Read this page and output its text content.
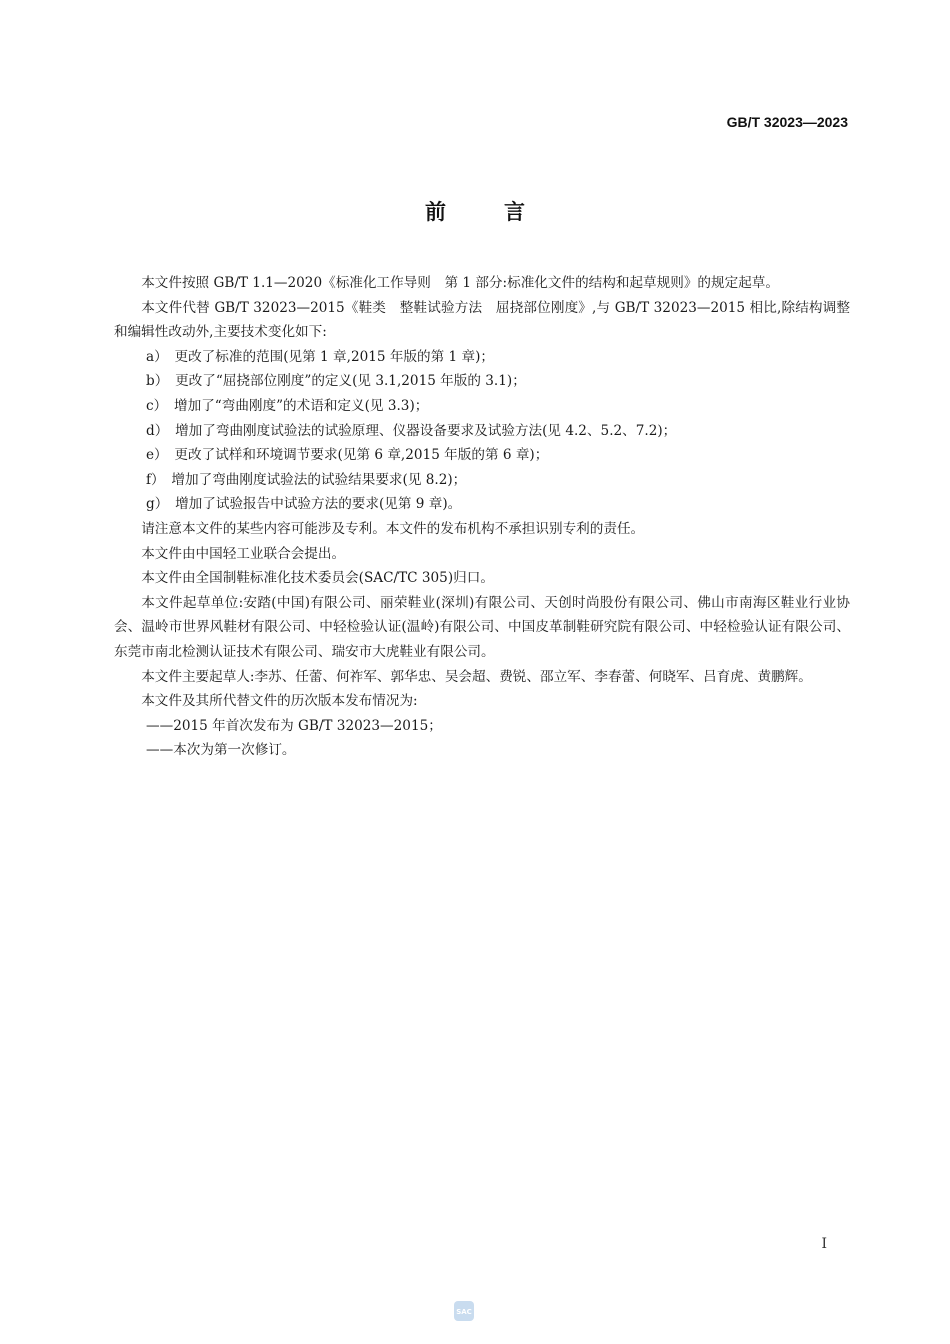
GB/T 32023—2023
前言

本文件按照 GB/T 1.1—2020《标准化工作导则　第 1 部分:标准化文件的结构和起草规则》的规定起草。

本文件代替 GB/T 32023—2015《鞋类　整鞋试验方法　屈挠部位刚度》,与 GB/T 32023—2015 相比,除结构调整和编辑性改动外,主要技术变化如下:

a）　更改了标准的范围(见第 1 章,2015 年版的第 1 章)；

b）　更改了“屈挠部位刚度”的定义(见 3.1,2015 年版的 3.1)；

c）　增加了“弯曲刚度”的术语和定义(见 3.3)；

d）　增加了弯曲刚度试验法的试验原理、仪器设备要求及试验方法(见 4.2、5.2、7.2)；

e）　更改了试样和环境调节要求(见第 6 章,2015 年版的第 6 章)；

f）　增加了弯曲刚度试验法的试验结果要求(见 8.2)；

g）　增加了试验报告中试验方法的要求(见第 9 章)。

请注意本文件的某些内容可能涉及专利。本文件的发布机构不承担识别专利的责任。

本文件由中国轻工业联合会提出。

本文件由全国制鞋标准化技术委员会(SAC/TC 305)归口。

本文件起草单位:安踏(中国)有限公司、丽荣鞋业(深圳)有限公司、天创时尚股份有限公司、佛山市南海区鞋业行业协会、温岭市世界风鞋材有限公司、中轻检验认证(温岭)有限公司、中国皮革制鞋研究院有限公司、中轻检验认证有限公司、东莞市南北检测认证技术有限公司、瑞安市大虎鞋业有限公司。

本文件主要起草人:李苏、任蕾、何祚军、郭华忠、吴会超、费锐、邵立军、李春蕾、何晓军、吕育虎、黄鹏辉。

本文件及其所代替文件的历次版本发布情况为:

——2015 年首次发布为 GB/T 32023—2015；

——本次为第一次修订。

I
SAC
